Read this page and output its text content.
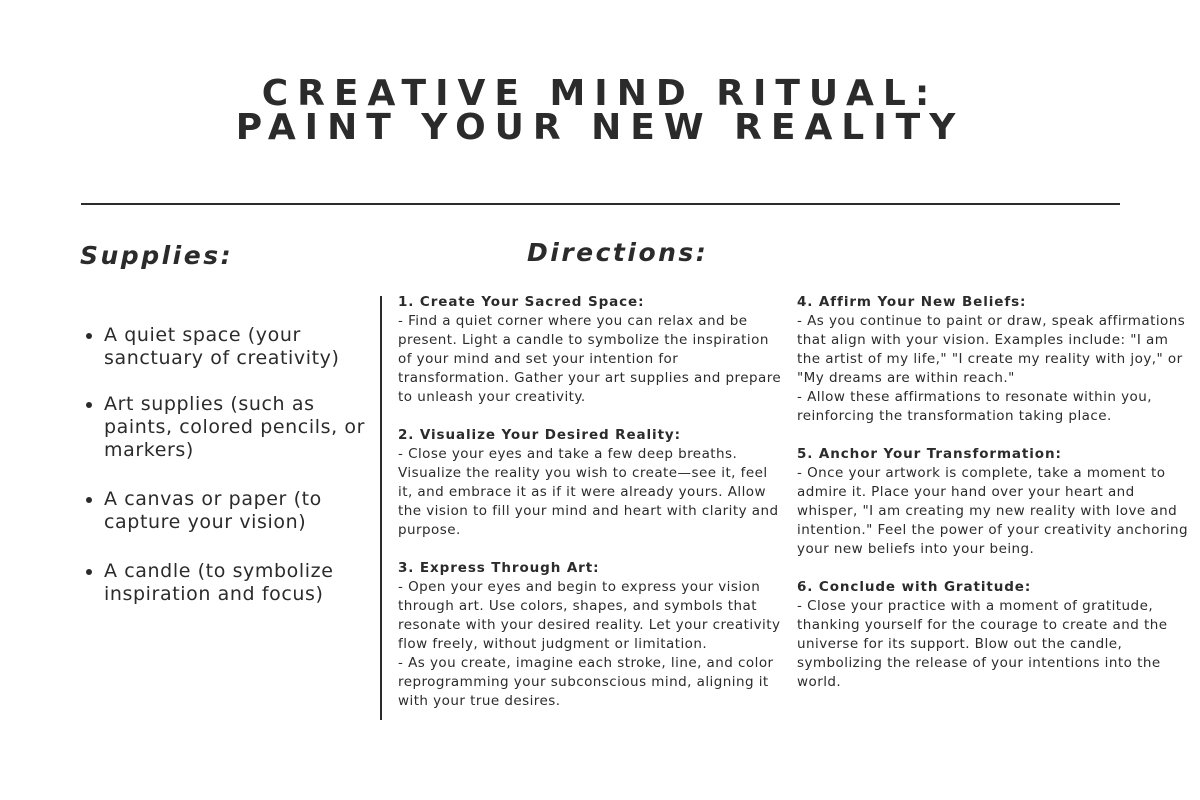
CREATIVE MIND RITUAL:
PAINT YOUR NEW REALITY
Supplies:	Directions:
A quiet space (your sanctuary of creativity)
Art supplies (such as paints, colored pencils, or markers)
A canvas or paper (to capture your vision)
A candle (to symbolize inspiration and focus)
1. Create Your Sacred Space:
- Find a quiet corner where you can relax and be present. Light a candle to symbolize the inspiration of your mind and set your intention for transformation. Gather your art supplies and prepare to unleash your creativity.
2. Visualize Your Desired Reality:
- Close your eyes and take a few deep breaths. Visualize the reality you wish to create—see it, feel it, and embrace it as if it were already yours. Allow the vision to fill your mind and heart with clarity and purpose.
3. Express Through Art:
- Open your eyes and begin to express your vision through art. Use colors, shapes, and symbols that resonate with your desired reality. Let your creativity flow freely, without judgment or limitation.
- As you create, imagine each stroke, line, and color reprogramming your subconscious mind, aligning it with your true desires.
4. Affirm Your New Beliefs:
- As you continue to paint or draw, speak affirmations that align with your vision. Examples include: "I am the artist of my life," "I create my reality with joy," or "My dreams are within reach."
- Allow these affirmations to resonate within you, reinforcing the transformation taking place.
5. Anchor Your Transformation:
- Once your artwork is complete, take a moment to admire it. Place your hand over your heart and whisper, "I am creating my new reality with love and intention." Feel the power of your creativity anchoring your new beliefs into your being.
6. Conclude with Gratitude:
- Close your practice with a moment of gratitude, thanking yourself for the courage to create and the universe for its support. Blow out the candle, symbolizing the release of your intentions into the world.
